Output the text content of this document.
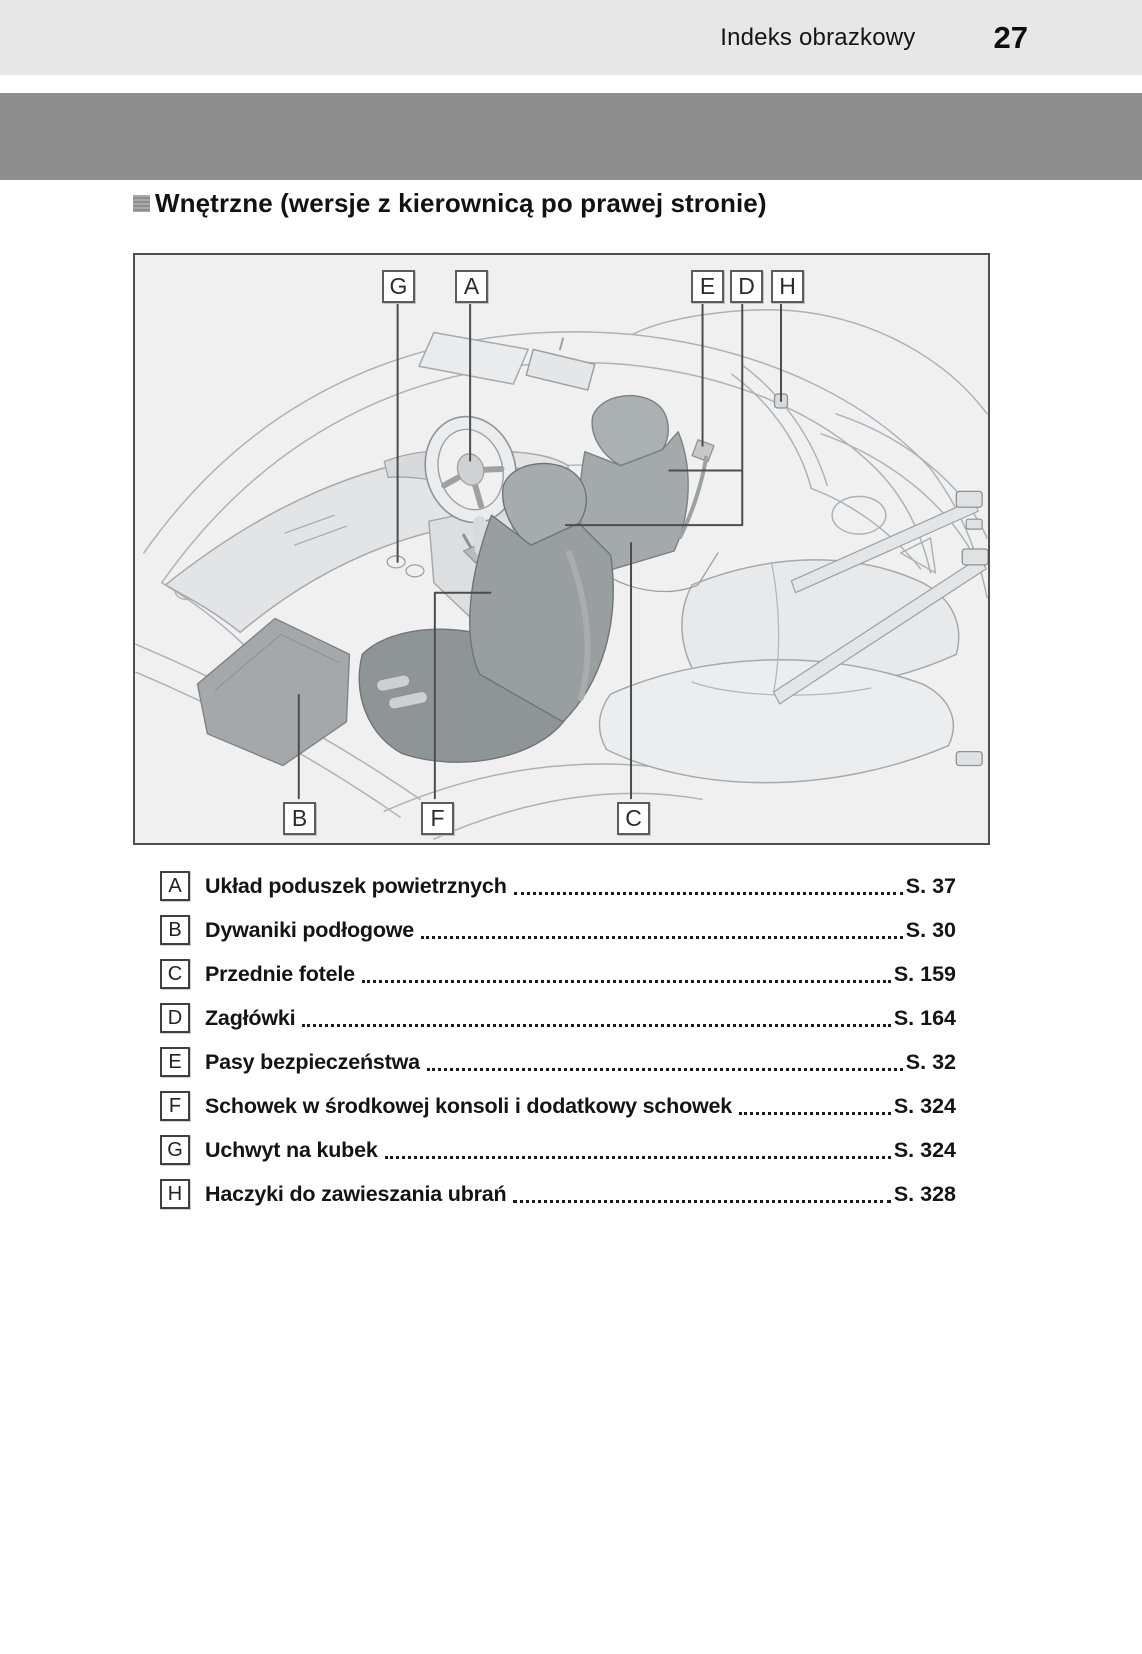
Indeks obrazkowy	27
Wnętrzne (wersje z kierownicą po prawej stronie)
G	A	E	D	H
B	F	C
A	Układ poduszek powietrznych	S. 37
B	Dywaniki podłogowe	S. 30
C	Przednie fotele	S. 159
D	Zagłówki	S. 164
E	Pasy bezpieczeństwa	S. 32
F	Schowek w środkowej konsoli i dodatkowy schowek	S. 324
G	Uchwyt na kubek	S. 324
H	Haczyki do zawieszania ubrań	S. 328
